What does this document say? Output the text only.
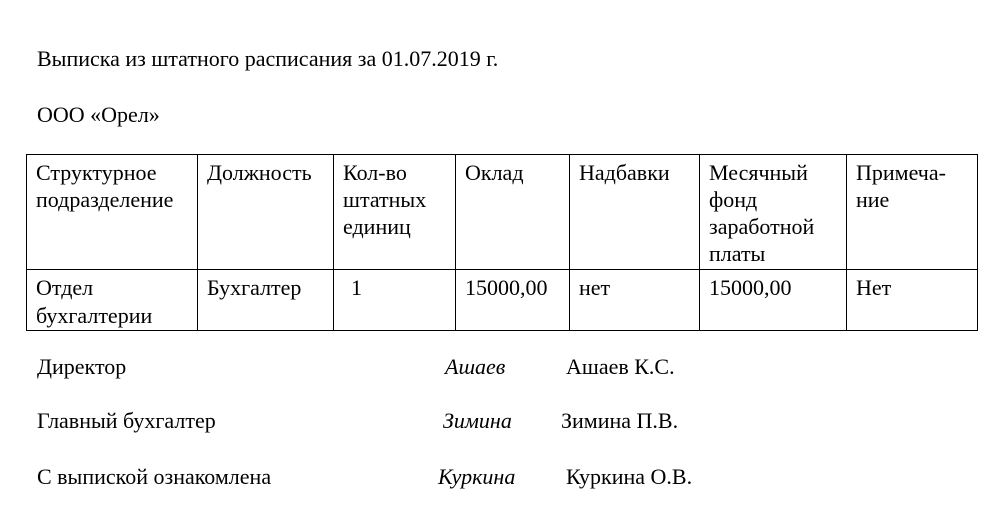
Выписка из штатного расписания за 01.07.2019 г.
ООО «Орел»
Структурное подразделение	Должность	Кол-во штатных единиц	Оклад	Надбавки	Месячный фонд заработной платы	Примеча-ние
Отдел бухгалтерии	Бухгалтер	1	15000,00	нет	15000,00	Нет
Директор	Ашаев	Ашаев К.С.
Главный бухгалтер	Зимина Зимина П.В.
С выпиской ознакомлена	Куркина Куркина О.В.
